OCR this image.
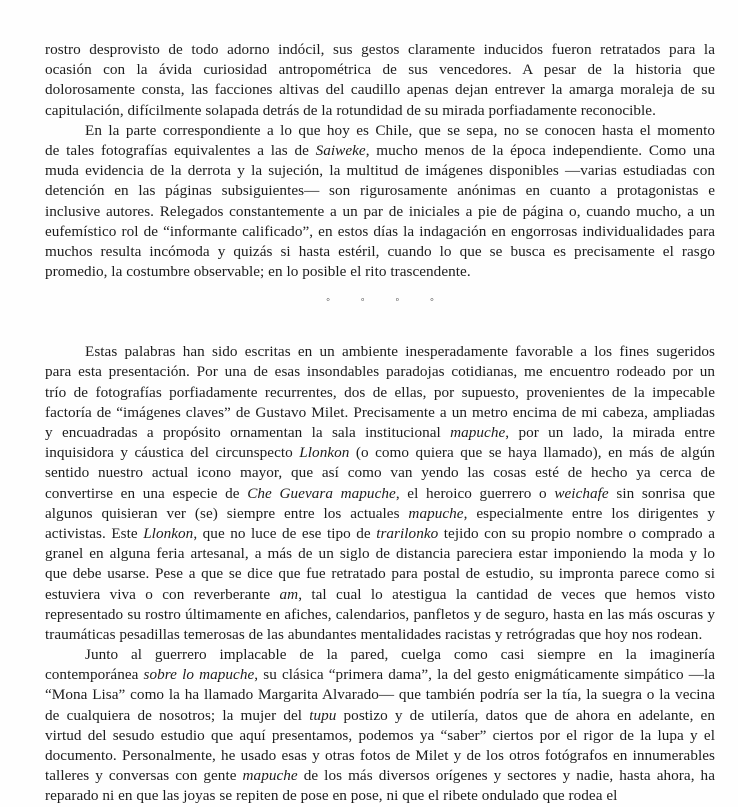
rostro desprovisto de todo adorno indócil, sus gestos claramente inducidos fueron retratados para la
ocasión con la ávida curiosidad antropométrica de sus vencedores. A pesar de la historia que
dolorosamente consta, las facciones altivas del caudillo apenas dejan entrever la amarga moraleja de su
capitulación, difícilmente solapada detrás de la rotundidad de su mirada porfiadamente reconocible.
En la parte correspondiente a lo que hoy es Chile, que se sepa, no se conocen hasta el momento
de tales fotografías equivalentes a las de Saiweke, mucho menos de la época independiente. Como una
muda evidencia de la derrota y la sujeción, la multitud de imágenes disponibles —varias estudiadas con
detención en las páginas subsiguientes— son rigurosamente anónimas en cuanto a protagonistas e
inclusive autores. Relegados constantemente a un par de iniciales a pie de página o, cuando mucho, a un
eufemístico rol de “informante calificado”, en estos días la indagación en engorrosas individualidades para
muchos resulta incómoda y quizás si hasta estéril, cuando lo que se busca es precisamente el rasgo
promedio, la costumbre observable; en lo posible el rito trascendente.
◦ ◦ ◦ ◦
Estas palabras han sido escritas en un ambiente inesperadamente favorable a los fines sugeridos
para esta presentación. Por una de esas insondables paradojas cotidianas, me encuentro rodeado por un
trío de fotografías porfiadamente recurrentes, dos de ellas, por supuesto, provenientes de la impecable
factoría de “imágenes claves” de Gustavo Milet. Precisamente a un metro encima de mi cabeza, ampliadas
y encuadradas a propósito ornamentan la sala institucional mapuche, por un lado, la mirada entre
inquisidora y cáustica del circunspecto Llonkon (o como quiera que se haya llamado), en más de algún
sentido nuestro actual icono mayor, que así como van yendo las cosas esté de hecho ya cerca de
convertirse en una especie de Che Guevara mapuche, el heroico guerrero o weichafe sin sonrisa que
algunos quisieran ver (se) siempre entre los actuales mapuche, especialmente entre los dirigentes y
activistas. Este Llonkon, que no luce de ese tipo de trarilonko tejido con su propio nombre o comprado a
granel en alguna feria artesanal, a más de un siglo de distancia pareciera estar imponiendo la moda y lo
que debe usarse. Pese a que se dice que fue retratado para postal de estudio, su impronta parece como si
estuviera viva o con reverberante am, tal cual lo atestigua la cantidad de veces que hemos visto
representado su rostro últimamente en afiches, calendarios, panfletos y de seguro, hasta en las más oscuras y
traumáticas pesadillas temerosas de las abundantes mentalidades racistas y retrógradas que hoy nos rodean.
Junto al guerrero implacable de la pared, cuelga como casi siempre en la imaginería
contemporánea sobre lo mapuche, su clásica “primera dama”, la del gesto enigmáticamente simpático —la
“Mona Lisa” como la ha llamado Margarita Alvarado— que también podría ser la tía, la suegra o la vecina
de cualquiera de nosotros; la mujer del tupu postizo y de utilería, datos que de ahora en adelante, en
virtud del sesudo estudio que aquí presentamos, podemos ya “saber” ciertos por el rigor de la lupa y el
documento. Personalmente, he usado esas y otras fotos de Milet y de los otros fotógrafos en innumerables
talleres y conversas con gente mapuche de los más diversos orígenes y sectores y nadie, hasta ahora, ha
reparado ni en que las joyas se repiten de pose en pose, ni que el ribete ondulado que rodea el
